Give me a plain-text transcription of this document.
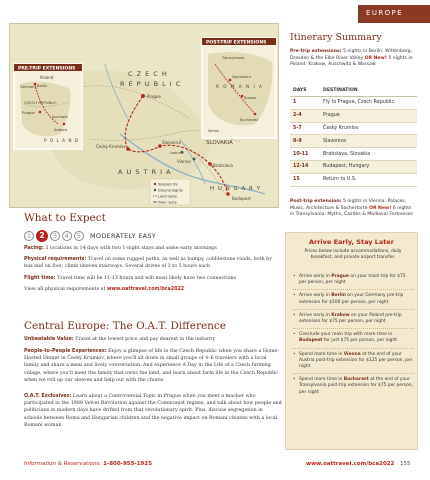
EUROPE
C Z E C H
R E P U B L I C
A U S T R I A
SLOVAKIA
H U N G A R Y
Prague
Český Krumlov
Slavonice
Bratislava
Vienna
Budapest
Lednice
PRE-TRIP EXTENSIONS
Poland
Germany Berlin
Prague
Krakow
Auschwitz
CZECH REPUBLIC
P O L A N D
POST-TRIP EXTENSIONS
Transylvania
Brasov
Sighisoara
Bucharest
R O M A N I A
Serbia
Tailored OS
Ground Sights
Land route
Train route
What to Expect
1	2	3	4	5	MODERATELY EASY
Pacing: 5 locations in 14 days with two 1-night stays and some early mornings
Physical requirements: Travel on some rugged paths, as well as bumpy, cobblestone roads, both by bus and on foot; climb uneven stairways. Several drives of 3 to 5 hours each
Flight time: Travel time will be 11-13 hours and will most likely have two connections
View all physical requirements at www.oattravel.com/bca2022
Central Europe: The O.A.T. Difference
Unbeatable Value: Travel at the lowest price and pay dearest in the industry
People-to-People Experiences: Enjoy a glimpse of life in the Czech Republic when you share a Home-Hosted Dinner in Český Krumlov, where you'll sit down in small groups of 4–6 travelers with a local family and share a meal and lively conversation. And experience A Day in the Life of a Czech farming village, where you'll meet the family that owns the land, and learn about farm life in the Czech Republic when we roll up our sleeves and help out with the chores
O.A.T. Exclusives: Learn about a Controversial Topic in Prague when you meet a teacher who participated in the 1989 Velvet Revolution against the Communist regime, and talk about how people and politicians in modern days have drifted from that revolutionary spirit. Plus, discuss segregation in schools between Roma and Hungarian children and the negative impact on Romani citizens with a local Romani woman
Information & Reservations: 1-800-955-1925	www.oattravel.com/bca2022 155
Itinerary Summary
Pre-trip extensions: 5 nights in Berlin, Wittenberg, Dresden & the Elbe River Valley OR New! 5 nights in Poland: Krakow, Auschwitz & Warsaw
DAYS	DESTINATION
1	Fly to Prague, Czech Republic
2-4	Prague
5-7	Český Krumlov
8-9	Slavonice
10-11	Bratislava, Slovakia
12-14	Budapest, Hungary
15	Return to U.S.
Post-trip extension: 5 nights in Vienna: Palaces, Music, Architecture & Sachertorte OR New! 6 nights in Transylvania: Myths, Castles & Medieval Fortresses
Arrive Early, Stay Later
Prices below include accommodations, daily breakfast, and private airport transfer.
• Arrive early in Prague on your main trip for $75 per person, per night
• Arrive early in Berlin on your Germany pre-trip extension for $100 per person, per night
• Arrive early in Krakow on your Poland pre-trip extension for $75 per person, per night
• Conclude your main trip with more time in Budapest for just $75 per person, per night
• Spend more time in Vienna at the end of your Austria post-trip extension for $125 per person, per night
• Spend more time in Bucharest at the end of your Transylvania post-trip extension for $75 per person, per night
